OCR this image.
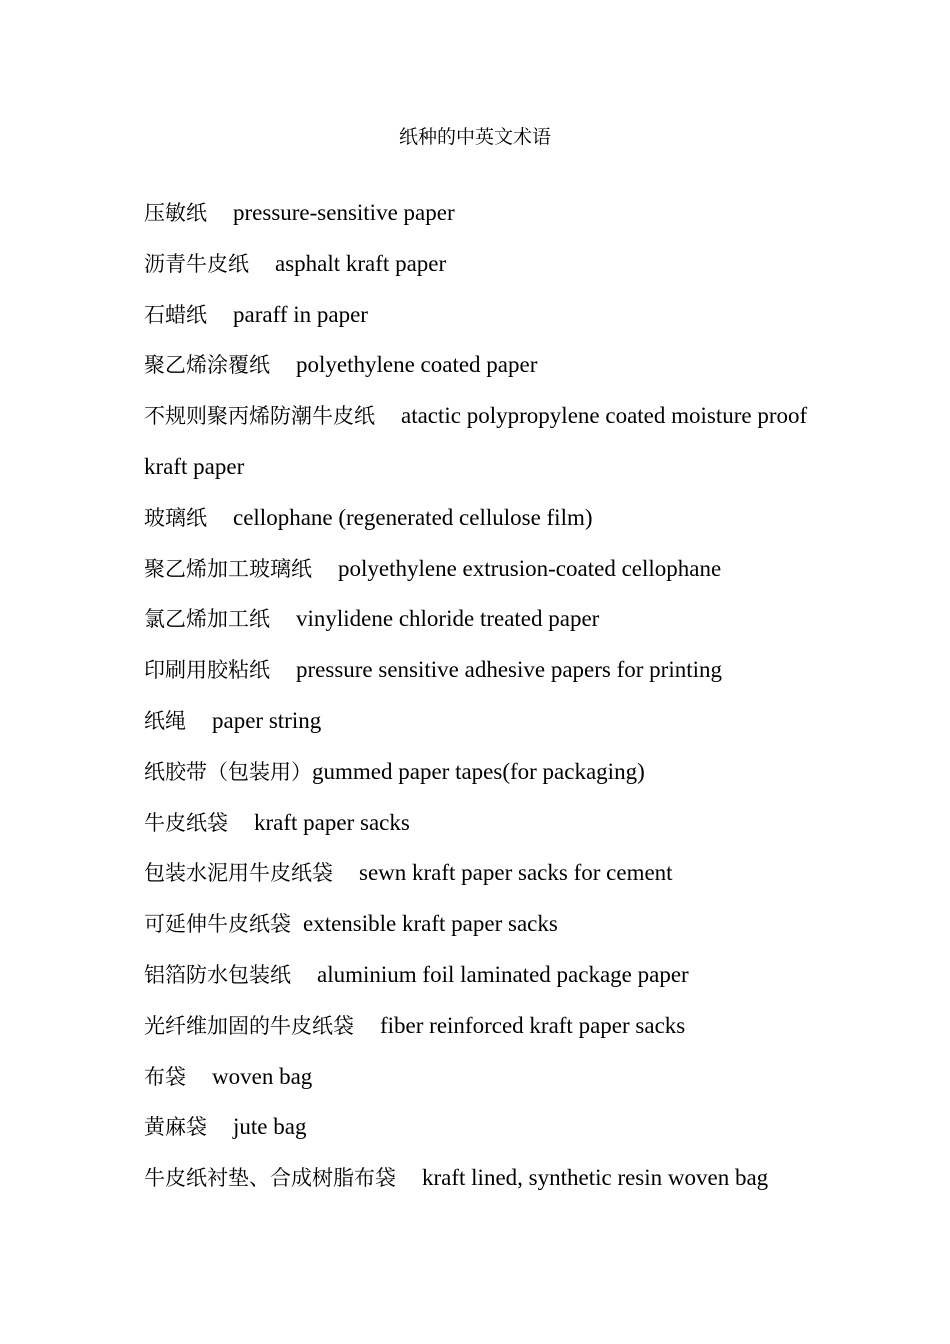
纸种的中英文术语
压敏纸 pressure-sensitive paper
沥青牛皮纸 asphalt kraft paper
石蜡纸 paraff in paper
聚乙烯涂覆纸 polyethylene coated paper
不规则聚丙烯防潮牛皮纸 atactic polypropylene coated moisture proof kraft paper
玻璃纸 cellophane (regenerated cellulose film)
聚乙烯加工玻璃纸 polyethylene extrusion-coated cellophane
氯乙烯加工纸 vinylidene chloride treated paper
印刷用胶粘纸 pressure sensitive adhesive papers for printing
纸绳 paper string
纸胶带（包装用）gummed paper tapes(for packaging)
牛皮纸袋 kraft paper sacks
包装水泥用牛皮纸袋 sewn kraft paper sacks for cement
可延伸牛皮纸袋 extensible kraft paper sacks
铝箔防水包装纸 aluminium foil laminated package paper
光纤维加固的牛皮纸袋 fiber reinforced kraft paper sacks
布袋 woven bag
黄麻袋 jute bag
牛皮纸衬垫、合成树脂布袋 kraft lined, synthetic resin woven bag
